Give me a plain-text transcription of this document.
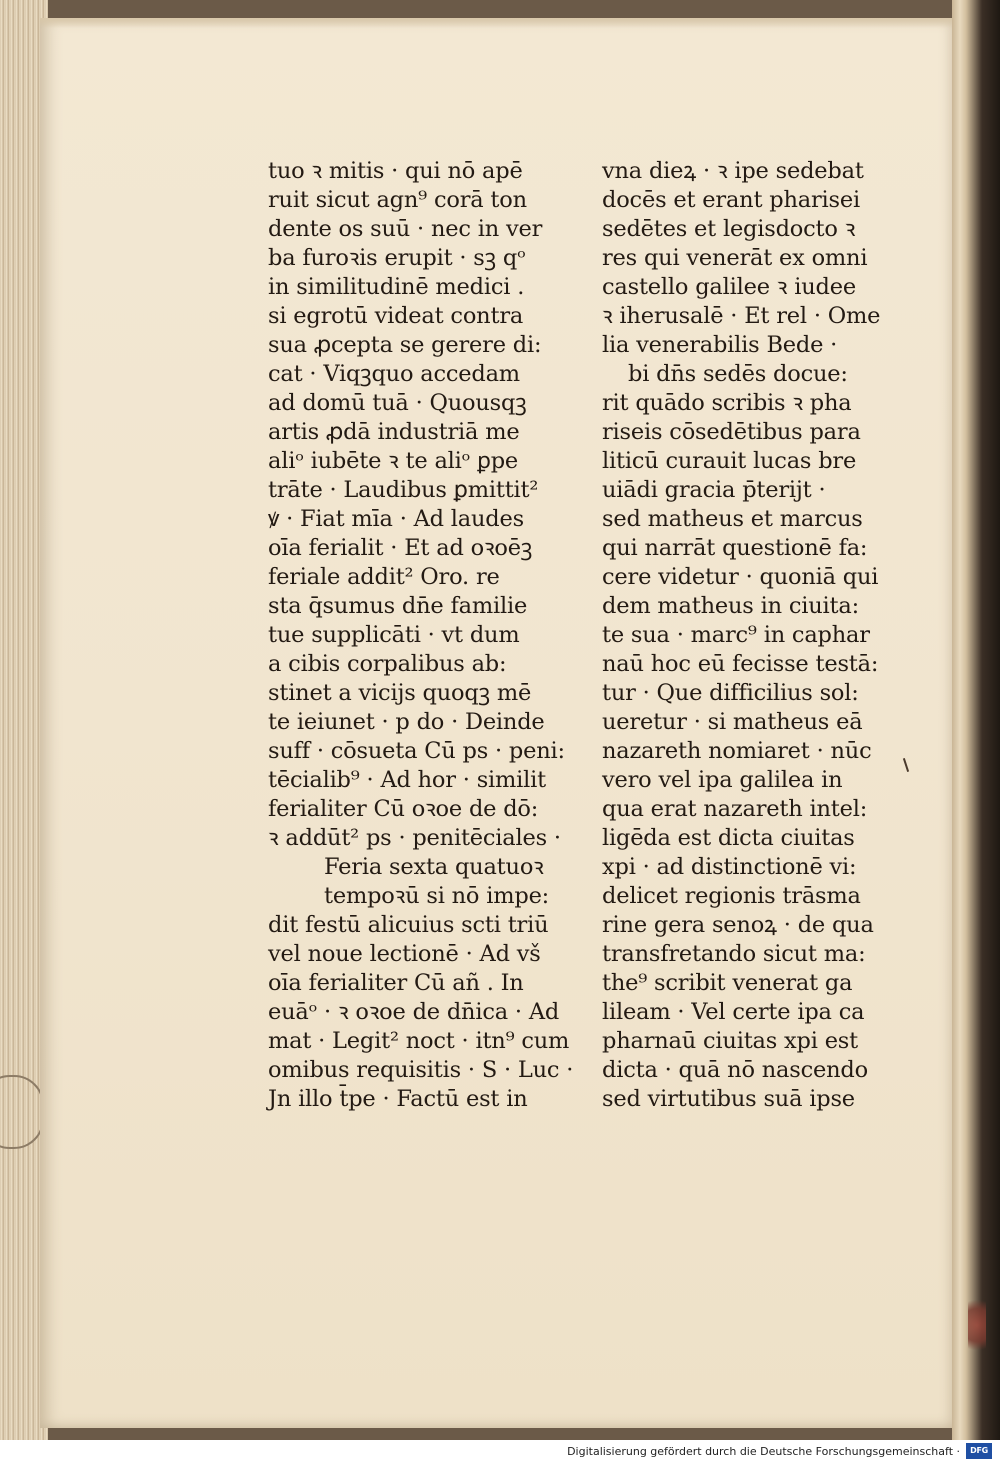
tuo ꝛ mitis · qui nō apē
ruit sicut agn⁹ corā ton
dente os suū · nec in ver
ba furoꝛis erupit · sꝫ qᵒ
in similitudinē medici .
si egrotū videat contra
sua ꝓcepta se gerere di:
cat · Viqꝫquo accedam
ad domū tuā · Quousqꝫ
artis ꝓdā industriā me
aliᵒ iubēte ꝛ te aliᵒ ꝑpe
trāte · Laudibus ꝑmittit²
ꝟ · Fiat mīa · Ad laudes
oīa ferialit · Et ad oꝛoēꝫ
feriale addit² Oro. re
sta q̄sumus dn̄e familie
tue supplicāti · vt dum
a cibis corpalibus ab:
stinet a vicijs quoqꝫ mē
te ieiunet · p do · Deinde
suff · cōsueta Cū ps · peni:
tēcialib⁹ · Ad hor · similit
ferialiter Cū oꝛoe de dō:
ꝛ addūt² ps · penitēciales ·
Feria sexta quatuoꝛ
tempoꝛū si nō impe:
dit festū alicuius scti triū
vel noue lectionē · Ad vš
oīa ferialiter Cū añ . In
euāᵒ · ꝛ oꝛoe de dn̄ica · Ad
mat · Legit² noct · itn⁹ cum
omibus requisitis · S · Luc ·
Jn illo t̄pe · Factū est in
vna dieꝝ · ꝛ ipe sedebat
docēs et erant pharisei
sedētes et legisdocto ꝛ
res qui venerāt ex omni
castello galilee ꝛ iudee
ꝛ iherusalē · Et rel · Ome
lia venerabilis Bede ·
bi dn̄s sedēs docue:
rit quādo scribis ꝛ pha
riseis cōsedētibus para
liticū curauit lucas bre
uiādi gracia p̄terijt ·
sed matheus et marcus
qui narrāt questionē fa:
cere videtur · quoniā qui
dem matheus in ciuita:
te sua · marc⁹ in caphar
naū hoc eū fecisse testā:
tur · Que difficilius sol:
ueretur · si matheus eā
nazareth nomiaret · nūc
vero vel ipa galilea in
qua erat nazareth intel:
ligēda est dicta ciuitas
xpi · ad distinctionē vi:
delicet regionis trāsma
rine gera senoꝝ · de qua
transfretando sicut ma:
the⁹ scribit venerat ga
lileam · Vel certe ipa ca
pharnaū ciuitas xpi est
dicta · quā nō nascendo
sed virtutibus suā ipse
Digitalisierung gefördert durch die Deutsche Forschungsgemeinschaft ·	DFG
